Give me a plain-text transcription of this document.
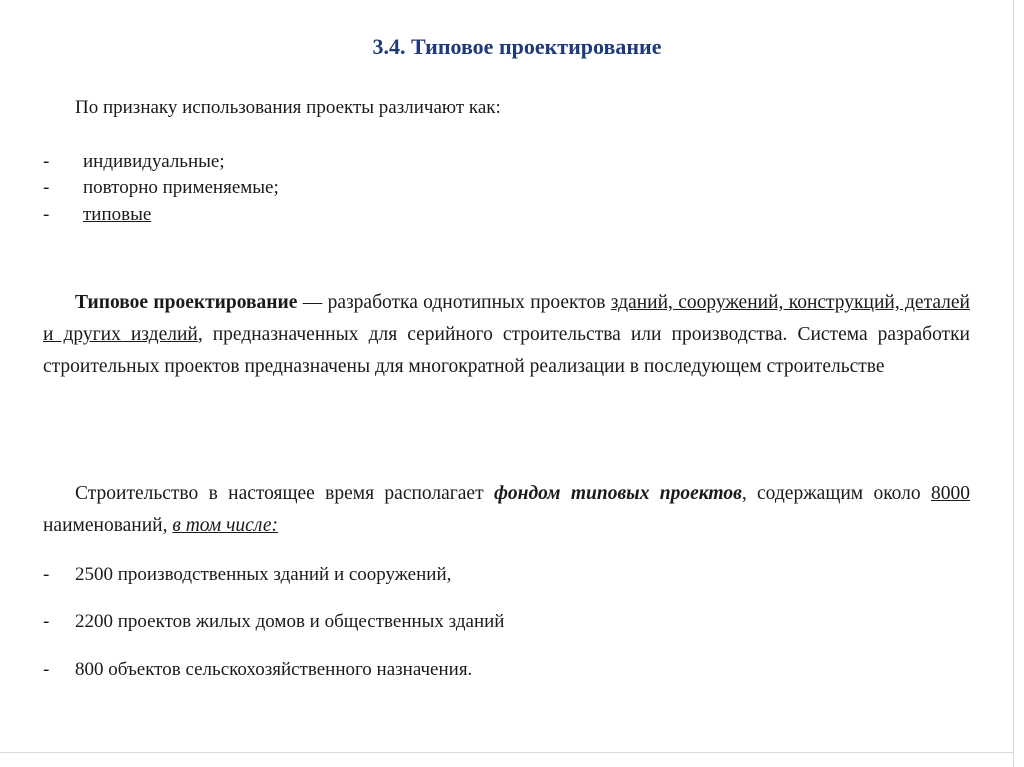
3.4. Типовое проектирование
По признаку использования проекты различают как:
- индивидуальные;
- повторно применяемые;
- типовые
Типовое проектирование — разработка однотипных проектов зданий, сооружений, конструкций, деталей и других изделий, предназначенных для серийного строительства или производства. Система разработки строительных проектов предназначены для многократной реализации в последующем строительстве
Строительство в настоящее время располагает фондом типовых проектов, содержащим около 8000 наименований, в том числе:
- 2500 производственных зданий и сооружений,
- 2200 проектов жилых домов и общественных зданий
- 800 объектов сельскохозяйственного назначения.
